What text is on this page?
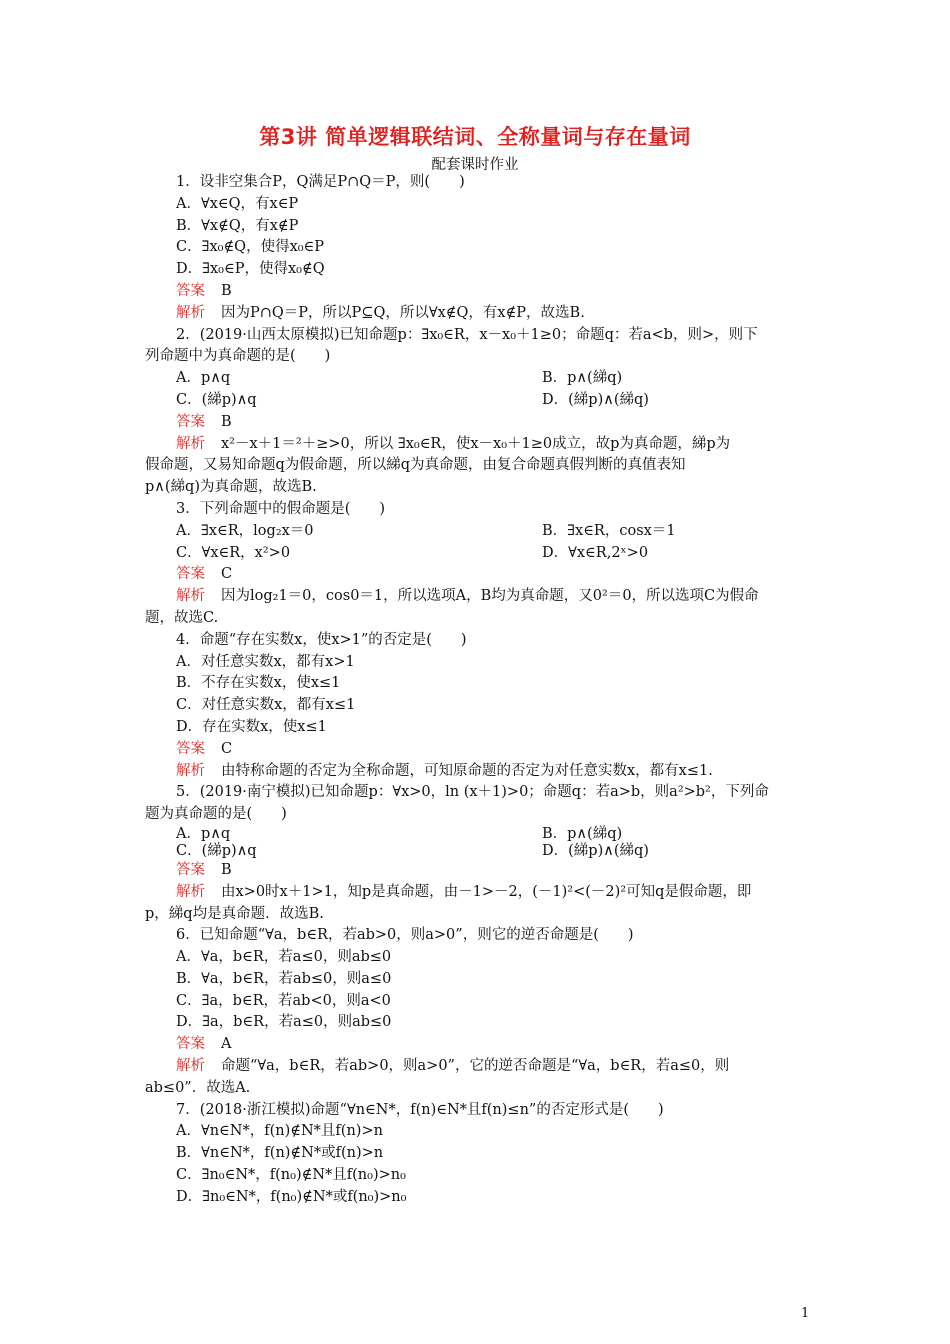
第3讲 简单逻辑联结词、全称量词与存在量词
配套课时作业
1．设非空集合P，Q满足P∩Q＝P，则(　　)
A．∀x∈Q，有x∈P
B．∀x∉Q，有x∉P
C．∃x₀∉Q，使得x₀∈P
D．∃x₀∈P，使得x₀∉Q
答案 B
解析 因为P∩Q＝P，所以P⊆Q，所以∀x∉Q，有x∉P，故选B.
2．(2019·山西太原模拟)已知命题p：∃x₀∈R，x－x₀＋1≥0；命题q：若a<b，则>，则下
列命题中为真命题的是(　　)
A．p∧q	B．p∧(綈q)
C．(綈p)∧q	D．(綈p)∧(綈q)
答案 B
解析 x²－x＋1＝²＋≥>0，所以 ∃x₀∈R，使x－x₀＋1≥0成立，故p为真命题，綈p为
假命题，又易知命题q为假命题，所以綈q为真命题，由复合命题真假判断的真值表知
p∧(綈q)为真命题，故选B.
3．下列命题中的假命题是(　　)
A．∃x∈R，log₂x＝0	B．∃x∈R，cosx＝1
C．∀x∈R，x²>0	D．∀x∈R,2ˣ>0
答案 C
解析 因为log₂1＝0，cos0＝1，所以选项A，B均为真命题，又0²＝0，所以选项C为假命
题，故选C.
4．命题“存在实数x，使x>1”的否定是(　　)
A．对任意实数x，都有x>1
B．不存在实数x，使x≤1
C．对任意实数x，都有x≤1
D．存在实数x，使x≤1
答案 C
解析 由特称命题的否定为全称命题，可知原命题的否定为对任意实数x，都有x≤1.
5．(2019·南宁模拟)已知命题p：∀x>0，ln (x＋1)>0；命题q：若a>b，则a²>b²，下列命
题为真命题的是(　　)
A．p∧q	B．p∧(綈q)
C．(綈p)∧q	D．(綈p)∧(綈q)
答案 B
解析 由x>0时x＋1>1，知p是真命题，由－1>－2，(－1)²<(－2)²可知q是假命题，即
p，綈q均是真命题．故选B.
6．已知命题“∀a，b∈R，若ab>0，则a>0”，则它的逆否命题是(　　)
A．∀a，b∈R，若a≤0，则ab≤0
B．∀a，b∈R，若ab≤0，则a≤0
C．∃a，b∈R，若ab<0，则a<0
D．∃a，b∈R，若a≤0，则ab≤0
答案 A
解析 命题“∀a，b∈R，若ab>0，则a>0”，它的逆否命题是“∀a，b∈R，若a≤0，则
ab≤0”．故选A.
7．(2018·浙江模拟)命题“∀n∈N*，f(n)∈N*且f(n)≤n”的否定形式是(　　)
A．∀n∈N*，f(n)∉N*且f(n)>n
B．∀n∈N*，f(n)∉N*或f(n)>n
C．∃n₀∈N*，f(n₀)∉N*且f(n₀)>n₀
D．∃n₀∈N*，f(n₀)∉N*或f(n₀)>n₀
1
